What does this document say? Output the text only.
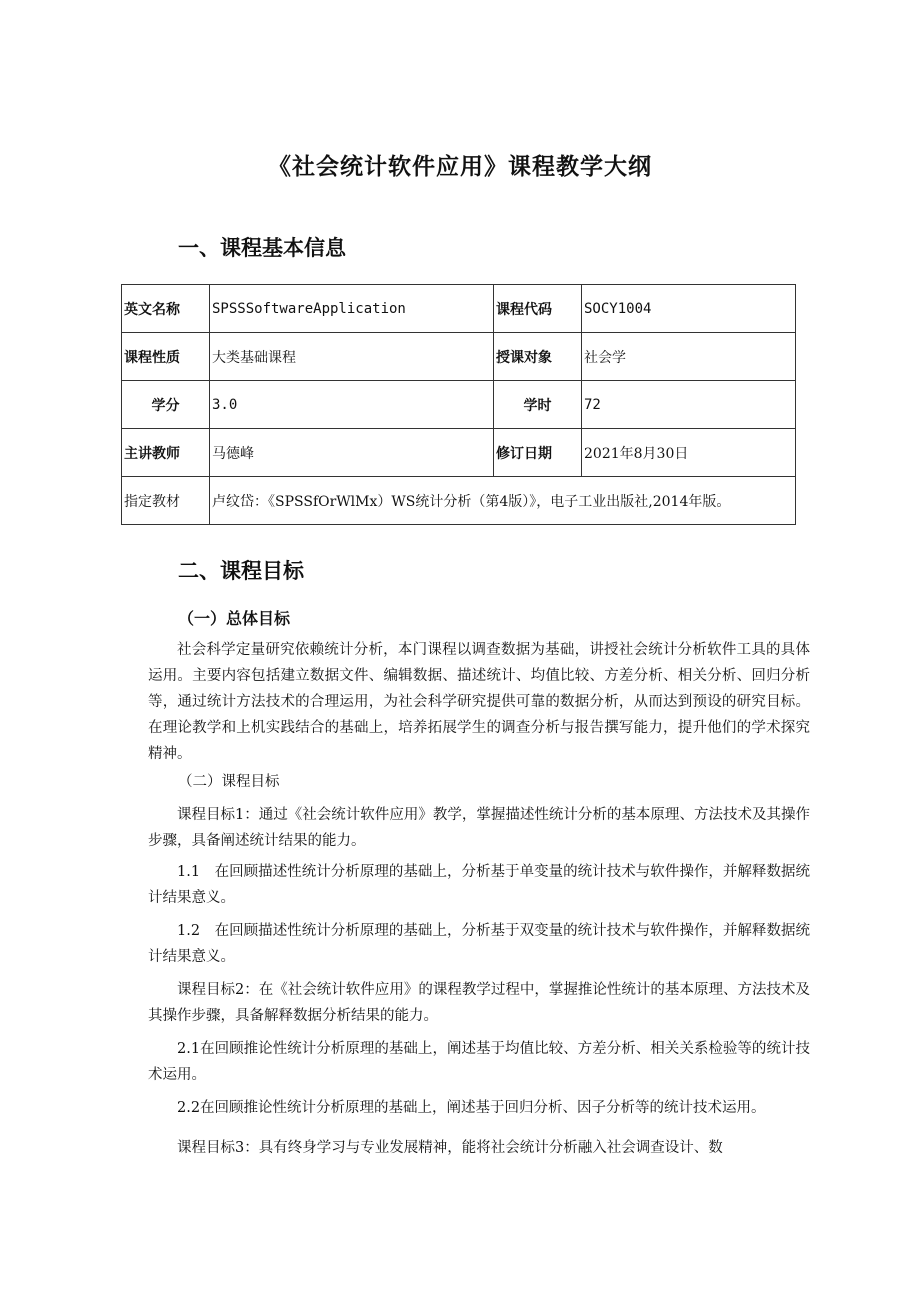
《社会统计软件应用》课程教学大纲
一、课程基本信息
英文名称	SPSSSoftwareApplication	课程代码	SOCY1004
课程性质	大类基础课程	授课对象	社会学
学分	3.0	学时	72
主讲教师	马德峰	修订日期	2021年8月30日
指定教材	卢纹岱：《SPSSfOrWlMx）WS统计分析（第4版）》，电子工业出版社,2014年版。		
二、课程目标
（一）总体目标
社会科学定量研究依赖统计分析，本门课程以调查数据为基础，讲授社会统计分析软件工具的具体运用。主要内容包括建立数据文件、编辑数据、描述统计、均值比较、方差分析、相关分析、回归分析等，通过统计方法技术的合理运用，为社会科学研究提供可靠的数据分析，从而达到预设的研究目标。在理论教学和上机实践结合的基础上，培养拓展学生的调查分析与报告撰写能力，提升他们的学术探究精神。
（二）课程目标
课程目标1：通过《社会统计软件应用》教学，掌握描述性统计分析的基本原理、方法技术及其操作步骤，具备阐述统计结果的能力。
1.1　在回顾描述性统计分析原理的基础上，分析基于单变量的统计技术与软件操作，并解释数据统计结果意义。
1.2　在回顾描述性统计分析原理的基础上，分析基于双变量的统计技术与软件操作，并解释数据统计结果意义。
课程目标2：在《社会统计软件应用》的课程教学过程中，掌握推论性统计的基本原理、方法技术及其操作步骤，具备解释数据分析结果的能力。
2.1在回顾推论性统计分析原理的基础上，阐述基于均值比较、方差分析、相关关系检验等的统计技术运用。
2.2在回顾推论性统计分析原理的基础上，阐述基于回归分析、因子分析等的统计技术运用。
课程目标3：具有终身学习与专业发展精神，能将社会统计分析融入社会调查设计、数
